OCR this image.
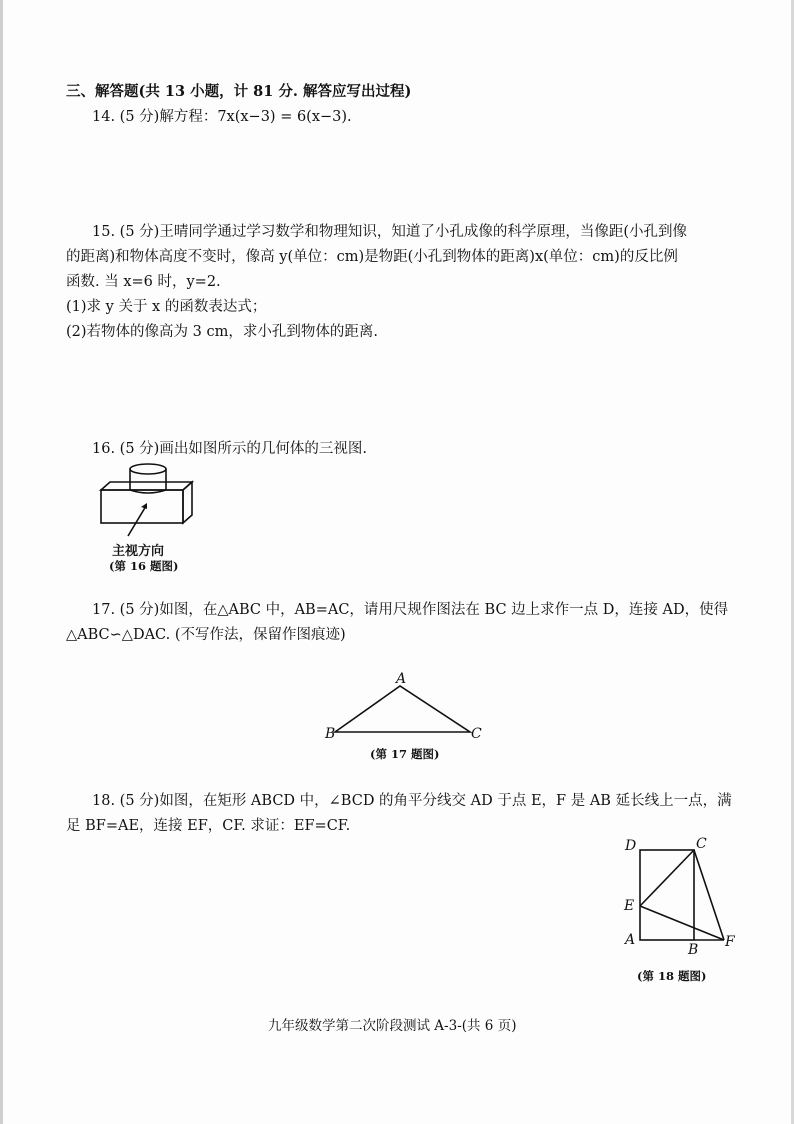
三、解答题(共 13 小题，计 81 分. 解答应写出过程)
14. (5 分)解方程：7x(x−3) = 6(x−3).
15. (5 分)王晴同学通过学习数学和物理知识，知道了小孔成像的科学原理，当像距(小孔到像
的距离)和物体高度不变时，像高 y(单位：cm)是物距(小孔到物体的距离)x(单位：cm)的反比例
函数. 当 x=6 时，y=2.
(1)求 y 关于 x 的函数表达式；
(2)若物体的像高为 3 cm，求小孔到物体的距离.
16. (5 分)画出如图所示的几何体的三视图.
主视方向
(第 16 题图)
17. (5 分)如图，在△ABC 中，AB=AC，请用尺规作图法在 BC 边上求作一点 D，连接 AD，使得
△ABC∽△DAC. (不写作法，保留作图痕迹)
A
B	C
(第 17 题图)
18. (5 分)如图，在矩形 ABCD 中，∠BCD 的角平分线交 AD 于点 E，F 是 AB 延长线上一点，满
足 BF=AE，连接 EF，CF. 求证：EF=CF.
D	C
E
A
B F
(第 18 题图)
九年级数学第二次阶段测试 A-3-(共 6 页)
